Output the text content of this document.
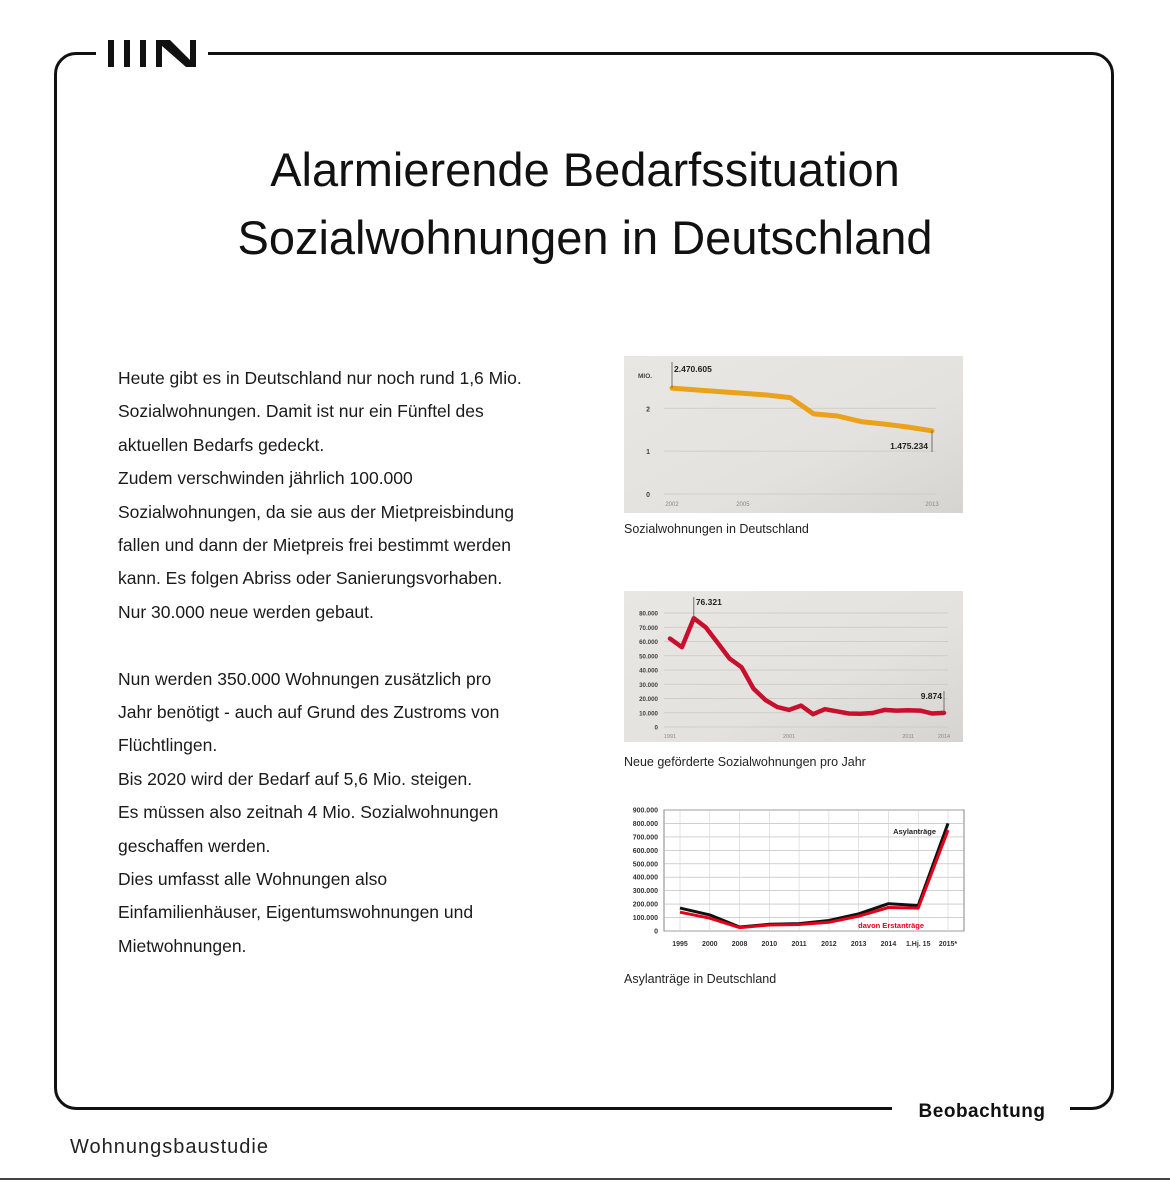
Beobachtung
Alarmierende Bedarfssituation
Sozialwohnungen in Deutschland

Heute gibt es in Deutschland nur noch rund 1,6 Mio.

Sozialwohnungen. Damit ist nur ein Fünftel des

aktuellen Bedarfs gedeckt.

Zudem verschwinden jährlich 100.000

Sozialwohnungen, da sie aus der Mietpreisbindung

fallen und dann der Mietpreis frei bestimmt werden

kann. Es folgen Abriss oder Sanierungsvorhaben.

Nur 30.000 neue werden gebaut.

Nun werden 350.000 Wohnungen zusätzlich pro

Jahr benötigt - auch auf Grund des Zustroms von

Flüchtlingen.

Bis 2020 wird der Bedarf auf 5,6 Mio. steigen.

Es müssen also zeitnah 4 Mio. Sozialwohnungen

geschaffen werden.

Dies umfasst alle Wohnungen also

Einfamilienhäuser, Eigentumswohnungen und

Mietwohnungen.

0
1
2
MIO.
2002	2005	2013
2.470.605
1.475.234
Sozialwohnungen in Deutschland
0
10.000
20.000
30.000
40.000
50.000
60.000
70.000
80.000
1991	2001	2011	2014
76.321
9.874
Neue geförderte Sozialwohnungen pro Jahr
0
100.000
200.000
300.000
400.000
500.000
600.000
700.000
800.000
900.000
1995 2000 2008 2010 2011 2012 2013 2014 1.Hj. 15 2015*
Asylanträge
davon Erstanträge
Asylanträge in Deutschland
Wohnungsbaustudie
